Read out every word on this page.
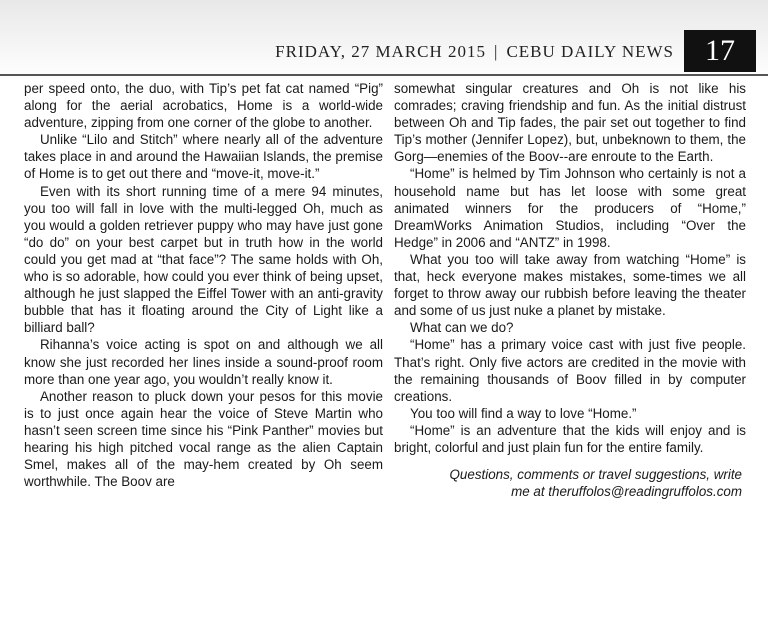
FRIDAY, 27 MARCH 2015 | CEBU DAILY NEWS	17

per speed onto, the duo, with Tip’s pet fat cat named “Pig” along for the aerial acrobatics, Home is a world-wide adventure, zipping from one corner of the globe to another.

Unlike “Lilo and Stitch” where nearly all of the adventure takes place in and around the Hawaiian Islands, the premise of Home is to get out there and “move-it, move-it.”

Even with its short running time of a mere 94 minutes, you too will fall in love with the multi-legged Oh, much as you would a golden retriever puppy who may have just gone “do do” on your best carpet but in truth how in the world could you get mad at “that face”? The same holds with Oh, who is so adorable, how could you ever think of being upset, although he just slapped the Eiffel Tower with an anti-gravity bubble that has it floating around the City of Light like a billiard ball?

Rihanna’s voice acting is spot on and although we all know she just recorded her lines inside a sound-proof room more than one year ago, you wouldn’t really know it.

Another reason to pluck down your pesos for this movie is to just once again hear the voice of Steve Martin who hasn’t seen screen time since his “Pink Panther” movies but hearing his high pitched vocal range as the alien Captain Smel, makes all of the may-hem created by Oh seem worthwhile. The Boov are

somewhat singular creatures and Oh is not like his comrades; craving friendship and fun. As the initial distrust between Oh and Tip fades, the pair set out together to find Tip’s mother (Jennifer Lopez), but, unbeknown to them, the Gorg—enemies of the Boov--are enroute to the Earth.

“Home” is helmed by Tim Johnson who certainly is not a household name but has let loose with some great animated winners for the producers of “Home,” DreamWorks Animation Studios, including “Over the Hedge” in 2006 and “ANTZ” in 1998.

What you too will take away from watching “Home” is that, heck everyone makes mistakes, some-times we all forget to throw away our rubbish before leaving the theater and some of us just nuke a planet by mistake.

What can we do?

“Home” has a primary voice cast with just five people. That’s right. Only five actors are credited in the movie with the remaining thousands of Boov filled in by computer creations.

You too will find a way to love “Home.”

“Home” is an adventure that the kids will enjoy and is bright, colorful and just plain fun for the entire family.

Questions, comments or travel suggestions, write
me at theruffolos@readingruffolos.com
